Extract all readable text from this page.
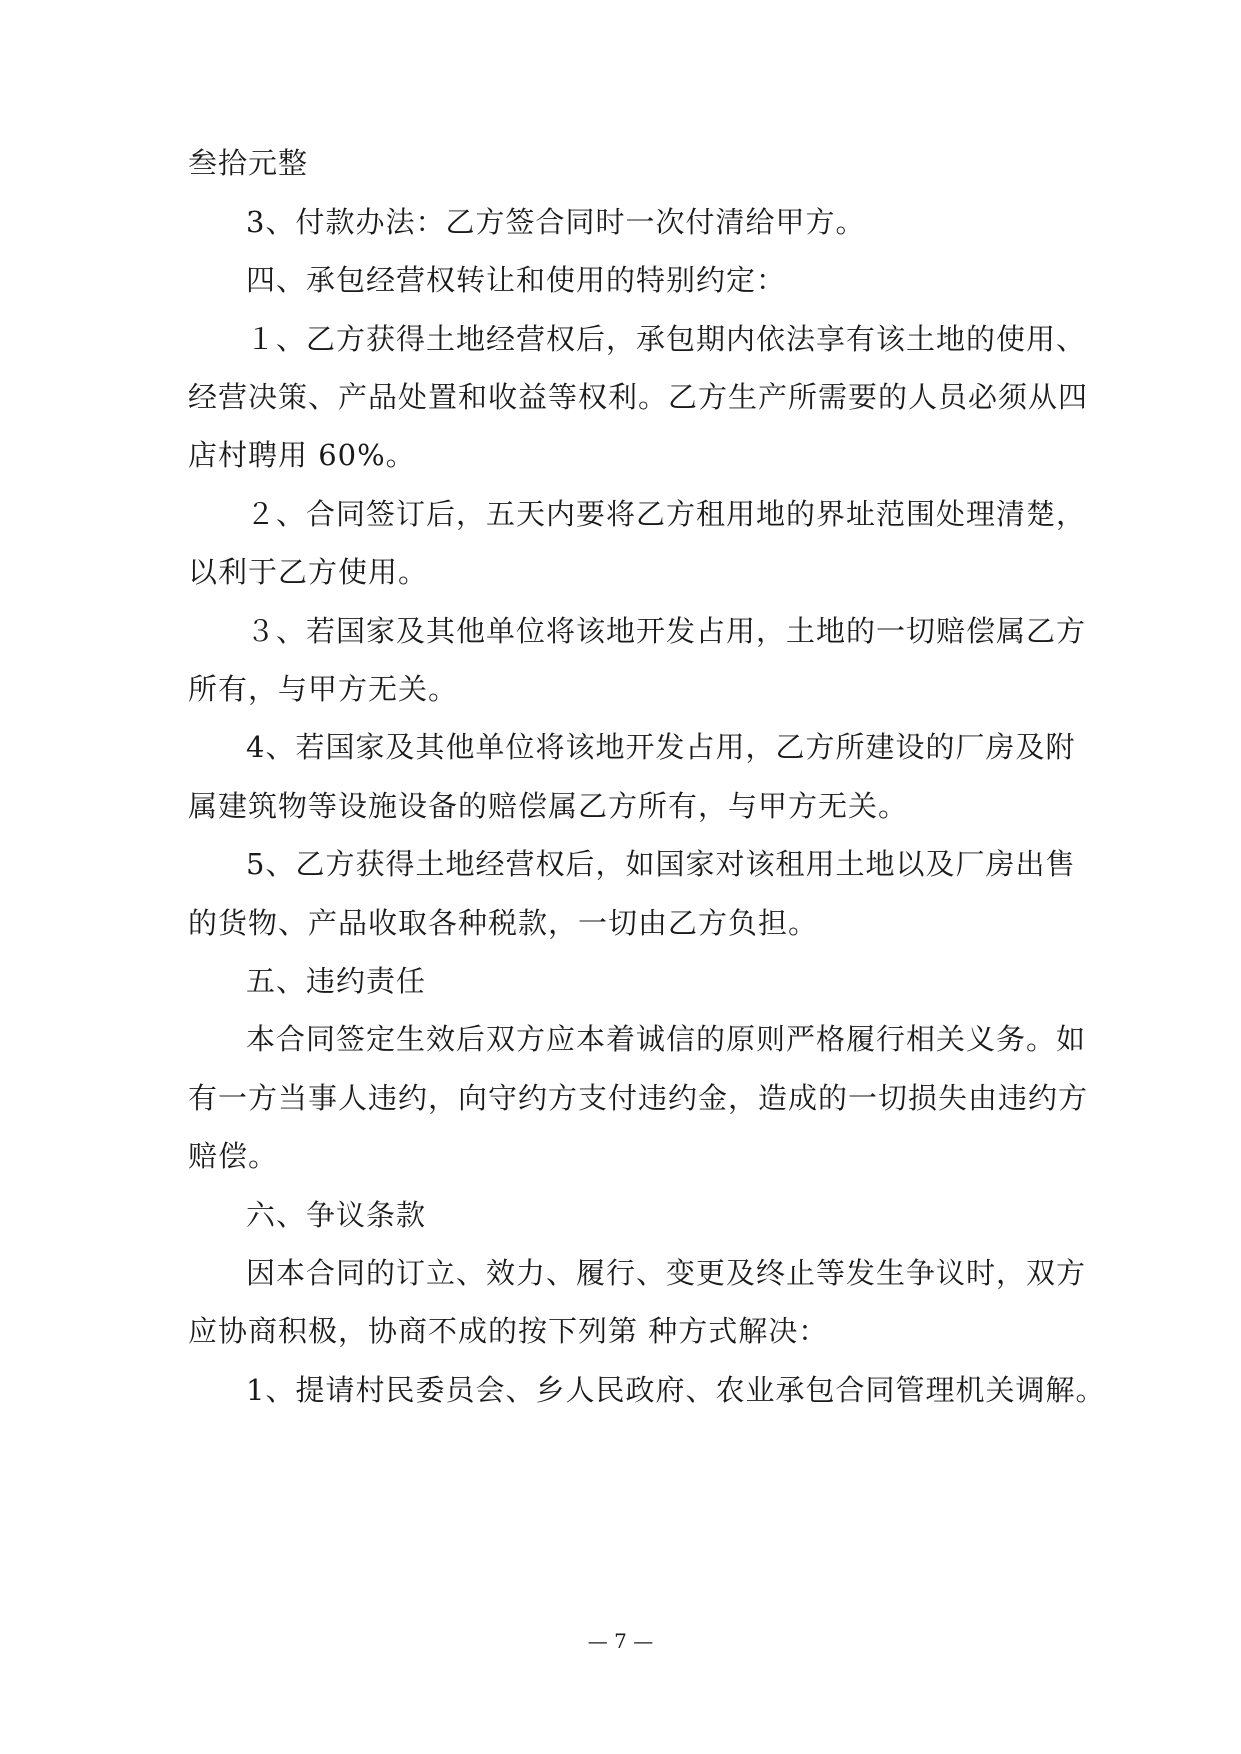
叁拾元整
3、付款办法：乙方签合同时一次付清给甲方。
四、承包经营权转让和使用的特别约定：
１、乙方获得土地经营权后，承包期内依法享有该土地的使用、
经营决策、产品处置和收益等权利。乙方生产所需要的人员必须从四
店村聘用 60%。
２、合同签订后，五天内要将乙方租用地的界址范围处理清楚，
以利于乙方使用。
３、若国家及其他单位将该地开发占用，土地的一切赔偿属乙方
所有，与甲方无关。
4、若国家及其他单位将该地开发占用，乙方所建设的厂房及附
属建筑物等设施设备的赔偿属乙方所有，与甲方无关。
5、乙方获得土地经营权后，如国家对该租用土地以及厂房出售
的货物、产品收取各种税款，一切由乙方负担。
五、违约责任
本合同签定生效后双方应本着诚信的原则严格履行相关义务。如
有一方当事人违约，向守约方支付违约金，造成的一切损失由违约方
赔偿。
六、争议条款
因本合同的订立、效力、履行、变更及终止等发生争议时，双方
应协商积极，协商不成的按下列第 种方式解决：
1、提请村民委员会、乡人民政府、农业承包合同管理机关调解。
— 7 —
